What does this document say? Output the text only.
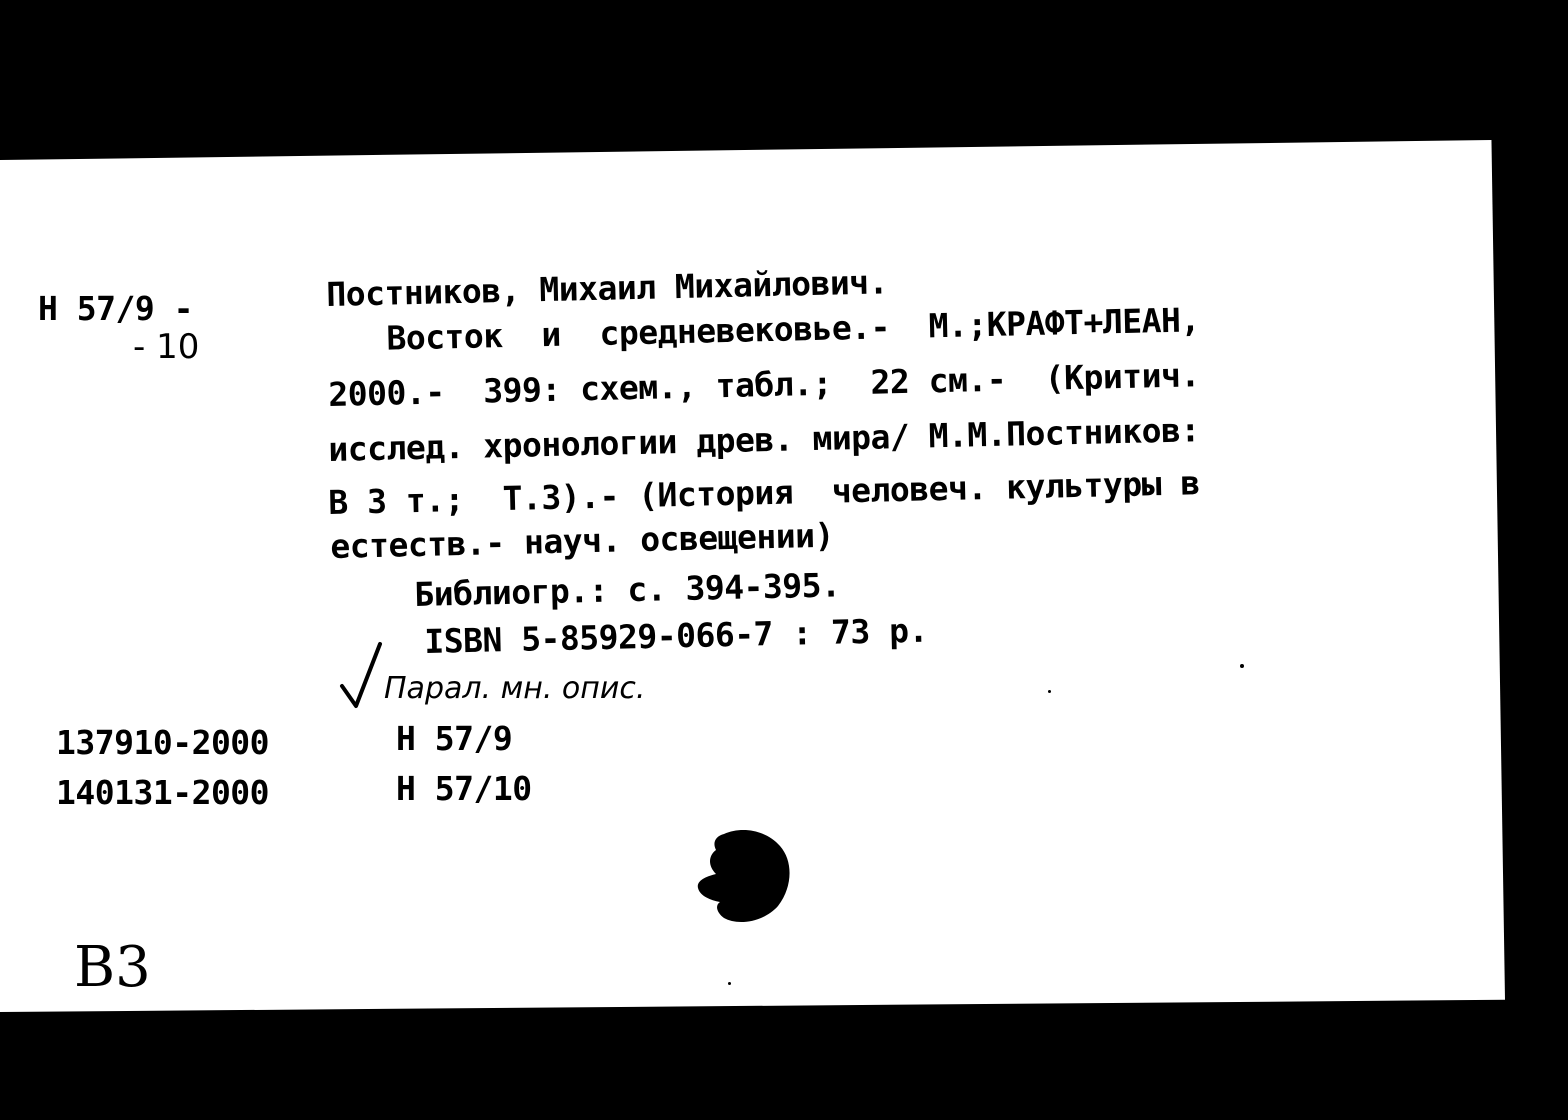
Н 57/9 -
- 10
Постников, Михаил Михайлович.
Восток  и  средневековье.-  М.;КРАФТ+ЛЕАН,
2000.-  399: схем., табл.;  22 см.-  (Критич.
исслед. хронологии древ. мира/ М.М.Постников:
В 3 т.;  Т.3).- (История  человеч. культуры в
естеств.- науч. освещении)
Библиогр.: с. 394-395.
ISBN 5-85929-066-7 : 73 р.
Парал. мн. опис.
137910-2000	Н 57/9
140131-2000	Н 57/10
В3
